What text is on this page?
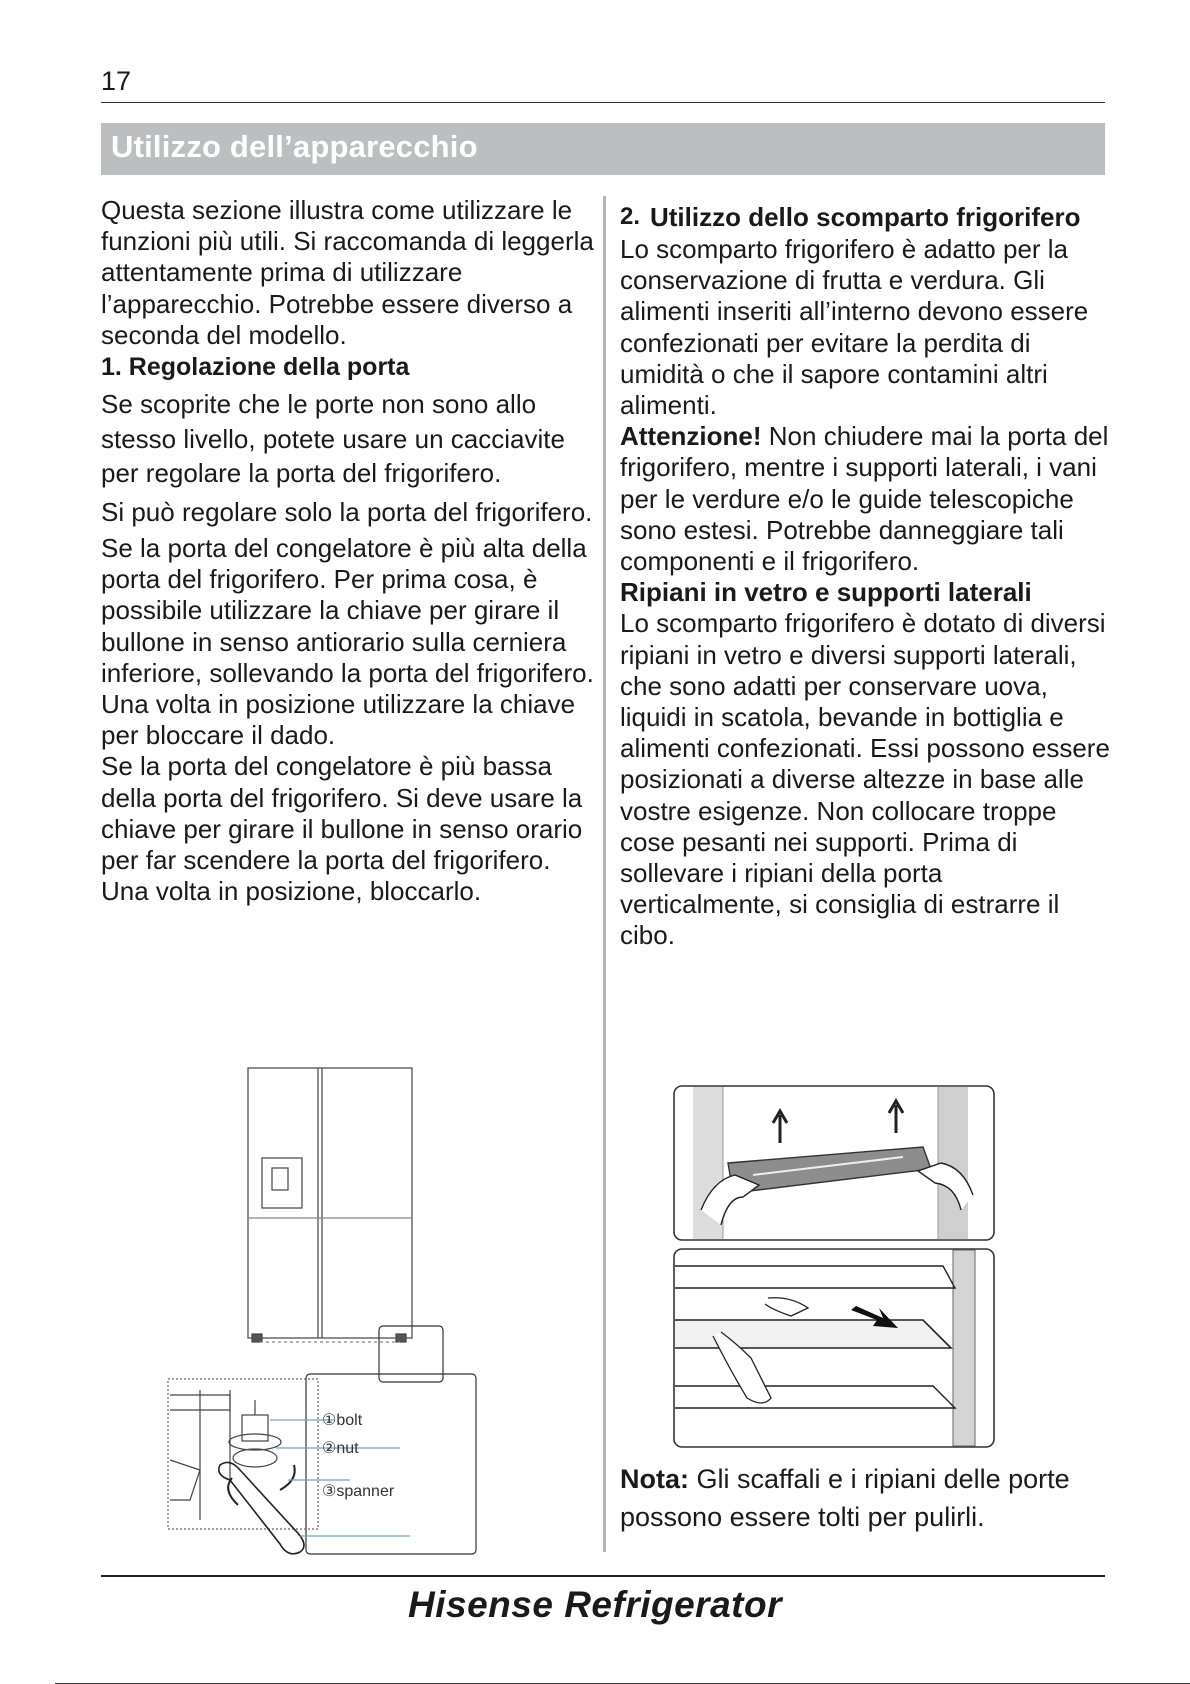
17
Utilizzo dell’apparecchio

Questa sezione illustra come utilizzare le funzioni più utili. Si raccomanda di leggerla attentamente prima di utilizzare l’apparecchio. Potrebbe essere diverso a seconda del modello.

1. Regolazione della porta

Se scoprite che le porte non sono allo stesso livello, potete usare un cacciavite per regolare la porta del frigorifero.

Si può regolare solo la porta del frigorifero.

Se la porta del congelatore è più alta della porta del frigorifero. Per prima cosa, è possibile utilizzare la chiave per girare il bullone in senso antiorario sulla cerniera inferiore, sollevando la porta del frigorifero. Una volta in posizione utilizzare la chiave per bloccare il dado.

Se la porta del congelatore è più bassa della porta del frigorifero. Si deve usare la chiave per girare il bullone in senso orario per far scendere la porta del frigorifero. Una volta in posizione, bloccarlo.

①bolt
②nut
③spanner
2. Utilizzo dello scomparto frigorifero

Lo scomparto frigorifero è adatto per la conservazione di frutta e verdura. Gli alimenti inseriti all’interno devono essere confezionati per evitare la perdita di umidità o che il sapore contamini altri alimenti.

Attenzione! Non chiudere mai la porta del frigorifero, mentre i supporti laterali, i vani per le verdure e/o le guide telescopiche sono estesi. Potrebbe danneggiare tali componenti e il frigorifero.

Ripiani in vetro e supporti laterali

Lo scomparto frigorifero è dotato di diversi ripiani in vetro e diversi supporti laterali, che sono adatti per conservare uova, liquidi in scatola, bevande in bottiglia e alimenti confezionati. Essi possono essere posizionati a diverse altezze in base alle vostre esigenze. Non collocare troppe cose pesanti nei supporti. Prima di sollevare i ripiani della porta verticalmente, si consiglia di estrarre il cibo.

Nota: Gli scaffali e i ripiani delle porte possono essere tolti per pulirli.

Hisense Refrigerator
